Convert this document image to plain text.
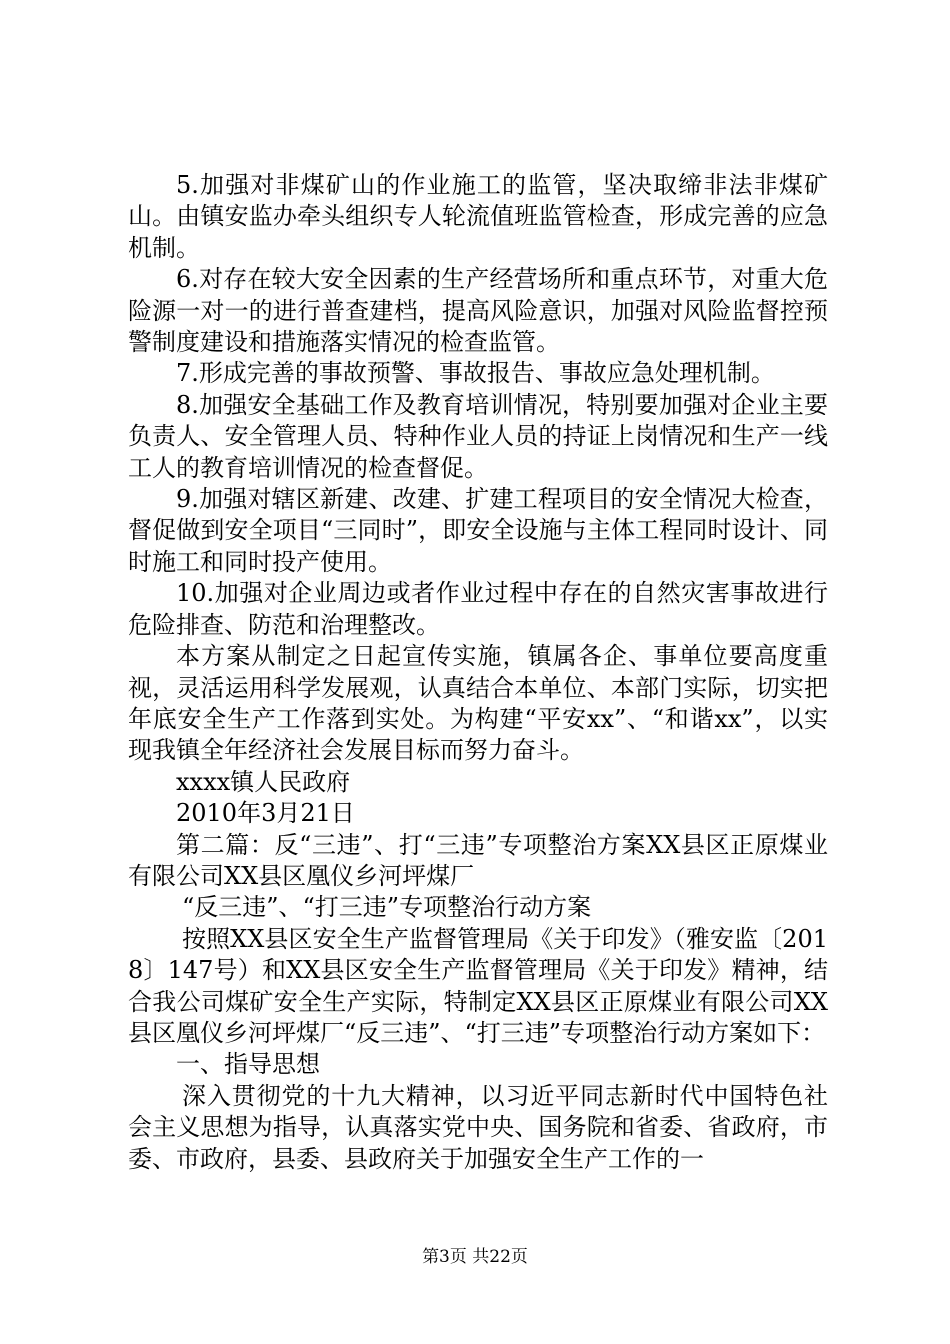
5.加强对非煤矿山的作业施工的监管，坚决取缔非法非煤矿山。由镇安监办牵头组织专人轮流值班监管检查，形成完善的应急机制。

6.对存在较大安全因素的生产经营场所和重点环节，对重大危险源一对一的进行普查建档，提高风险意识，加强对风险监督控预警制度建设和措施落实情况的检查监管。

7.形成完善的事故预警、事故报告、事故应急处理机制。

8.加强安全基础工作及教育培训情况，特别要加强对企业主要负责人、安全管理人员、特种作业人员的持证上岗情况和生产一线工人的教育培训情况的检查督促。

9.加强对辖区新建、改建、扩建工程项目的安全情况大检查，督促做到安全项目“三同时”，即安全设施与主体工程同时设计、同时施工和同时投产使用。

10.加强对企业周边或者作业过程中存在的自然灾害事故进行危险排查、防范和治理整改。

本方案从制定之日起宣传实施，镇属各企、事单位要高度重视，灵活运用科学发展观，认真结合本单位、本部门实际，切实把年底安全生产工作落到实处。为构建“平安xx”、“和谐xx”，以实现我镇全年经济社会发展目标而努力奋斗。

xxxx镇人民政府

2010年3月21日

第二篇：反“三违”、打“三违”专项整治方案XX县区正原煤业有限公司XX县区凰仪乡河坪煤厂

“反三违”、“打三违”专项整治行动方案

按照XX县区安全生产监督管理局《关于印发》（雅安监〔2018〕147号）和XX县区安全生产监督管理局《关于印发》精神，结合我公司煤矿安全生产实际，特制定XX县区正原煤业有限公司XX县区凰仪乡河坪煤厂“反三违”、“打三违”专项整治行动方案如下：

一、指导思想

深入贯彻党的十九大精神，以习近平同志新时代中国特色社会主义思想为指导，认真落实党中央、国务院和省委、省政府，市委、市政府，县委、县政府关于加强安全生产工作的一

第3页 共22页
